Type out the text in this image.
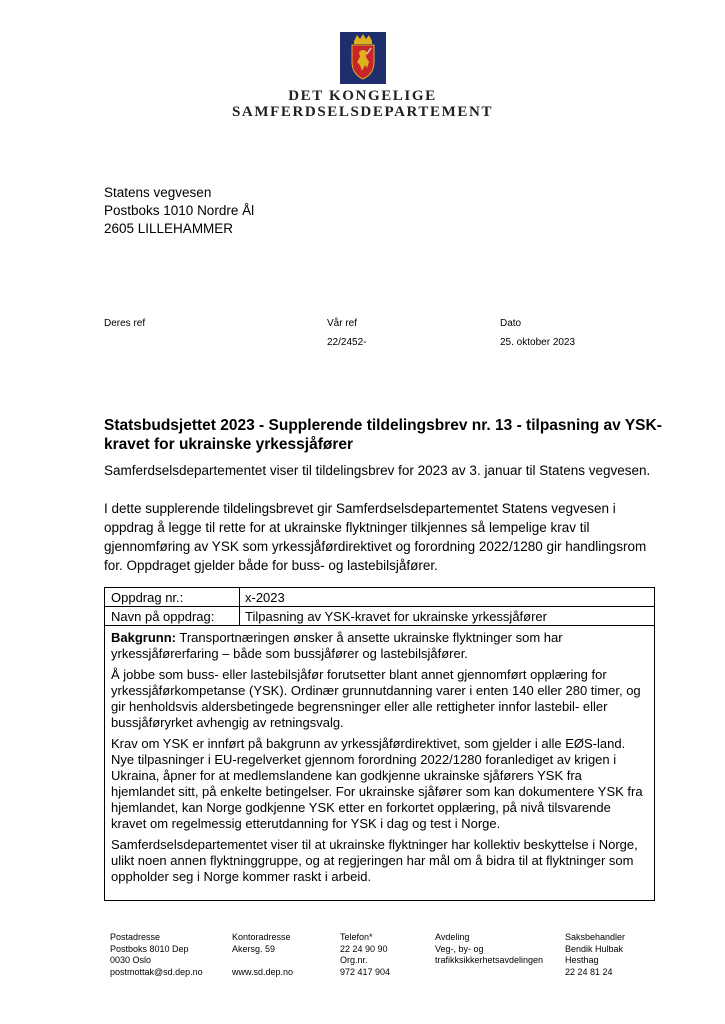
DET KONGELIGE
SAMFERDSELSDEPARTEMENT
Statens vegvesen
Postboks 1010 Nordre Ål
2605 LILLEHAMMER
Deres ref	Vår ref
22/2452-
Dato
25. oktober 2023
Statsbudsjettet 2023 - Supplerende tildelingsbrev nr. 13 - tilpasning av YSK-kravet for ukrainske yrkessjåfører
Samferdselsdepartementet viser til tildelingsbrev for 2023 av 3. januar til Statens vegvesen.
I dette supplerende tildelingsbrevet gir Samferdselsdepartementet Statens vegvesen i oppdrag å legge til rette for at ukrainske flyktninger tilkjennes så lempelige krav til gjennomføring av YSK som yrkessjåførdirektivet og forordning 2022/1280 gir handlingsrom for. Oppdraget gjelder både for buss- og lastebilsjåfører.
Oppdrag nr.:	x-2023
Navn på oppdrag: Tilpasning av YSK-kravet for ukrainske yrkessjåfører

Bakgrunn: Transportnæringen ønsker å ansette ukrainske flyktninger som har yrkessjåførerfaring – både som bussjåfører og lastebilsjåfører.

Å jobbe som buss- eller lastebilsjåfør forutsetter blant annet gjennomført opplæring for yrkessjåførkompetanse (YSK). Ordinær grunnutdanning varer i enten 140 eller 280 timer, og gir henholdsvis aldersbetingede begrensninger eller alle rettigheter innfor lastebil- eller bussjåføryrket avhengig av retningsvalg.

Krav om YSK er innført på bakgrunn av yrkessjåførdirektivet, som gjelder i alle EØS-land. Nye tilpasninger i EU-regelverket gjennom forordning 2022/1280 foranlediget av krigen i Ukraina, åpner for at medlemslandene kan godkjenne ukrainske sjåførers YSK fra hjemlandet sitt, på enkelte betingelser. For ukrainske sjåfører som kan dokumentere YSK fra hjemlandet, kan Norge godkjenne YSK etter en forkortet opplæring, på nivå tilsvarende kravet om regelmessig etterutdanning for YSK i dag og test i Norge.

Samferdselsdepartementet viser til at ukrainske flyktninger har kollektiv beskyttelse i Norge, ulikt noen annen flyktninggruppe, og at regjeringen har mål om å bidra til at flyktninger som oppholder seg i Norge kommer raskt i arbeid.

Postadresse
Postboks 8010 Dep
0030 Oslo
postmottak@sd.dep.no
Kontoradresse
Akersg. 59

www.sd.dep.no
Telefon*
22 24 90 90
Org.nr.
972 417 904
Avdeling
Veg-, by- og
trafikksikkerhetsavdelingen
Saksbehandler
Bendik Hulbak
Hesthag
22 24 81 24
